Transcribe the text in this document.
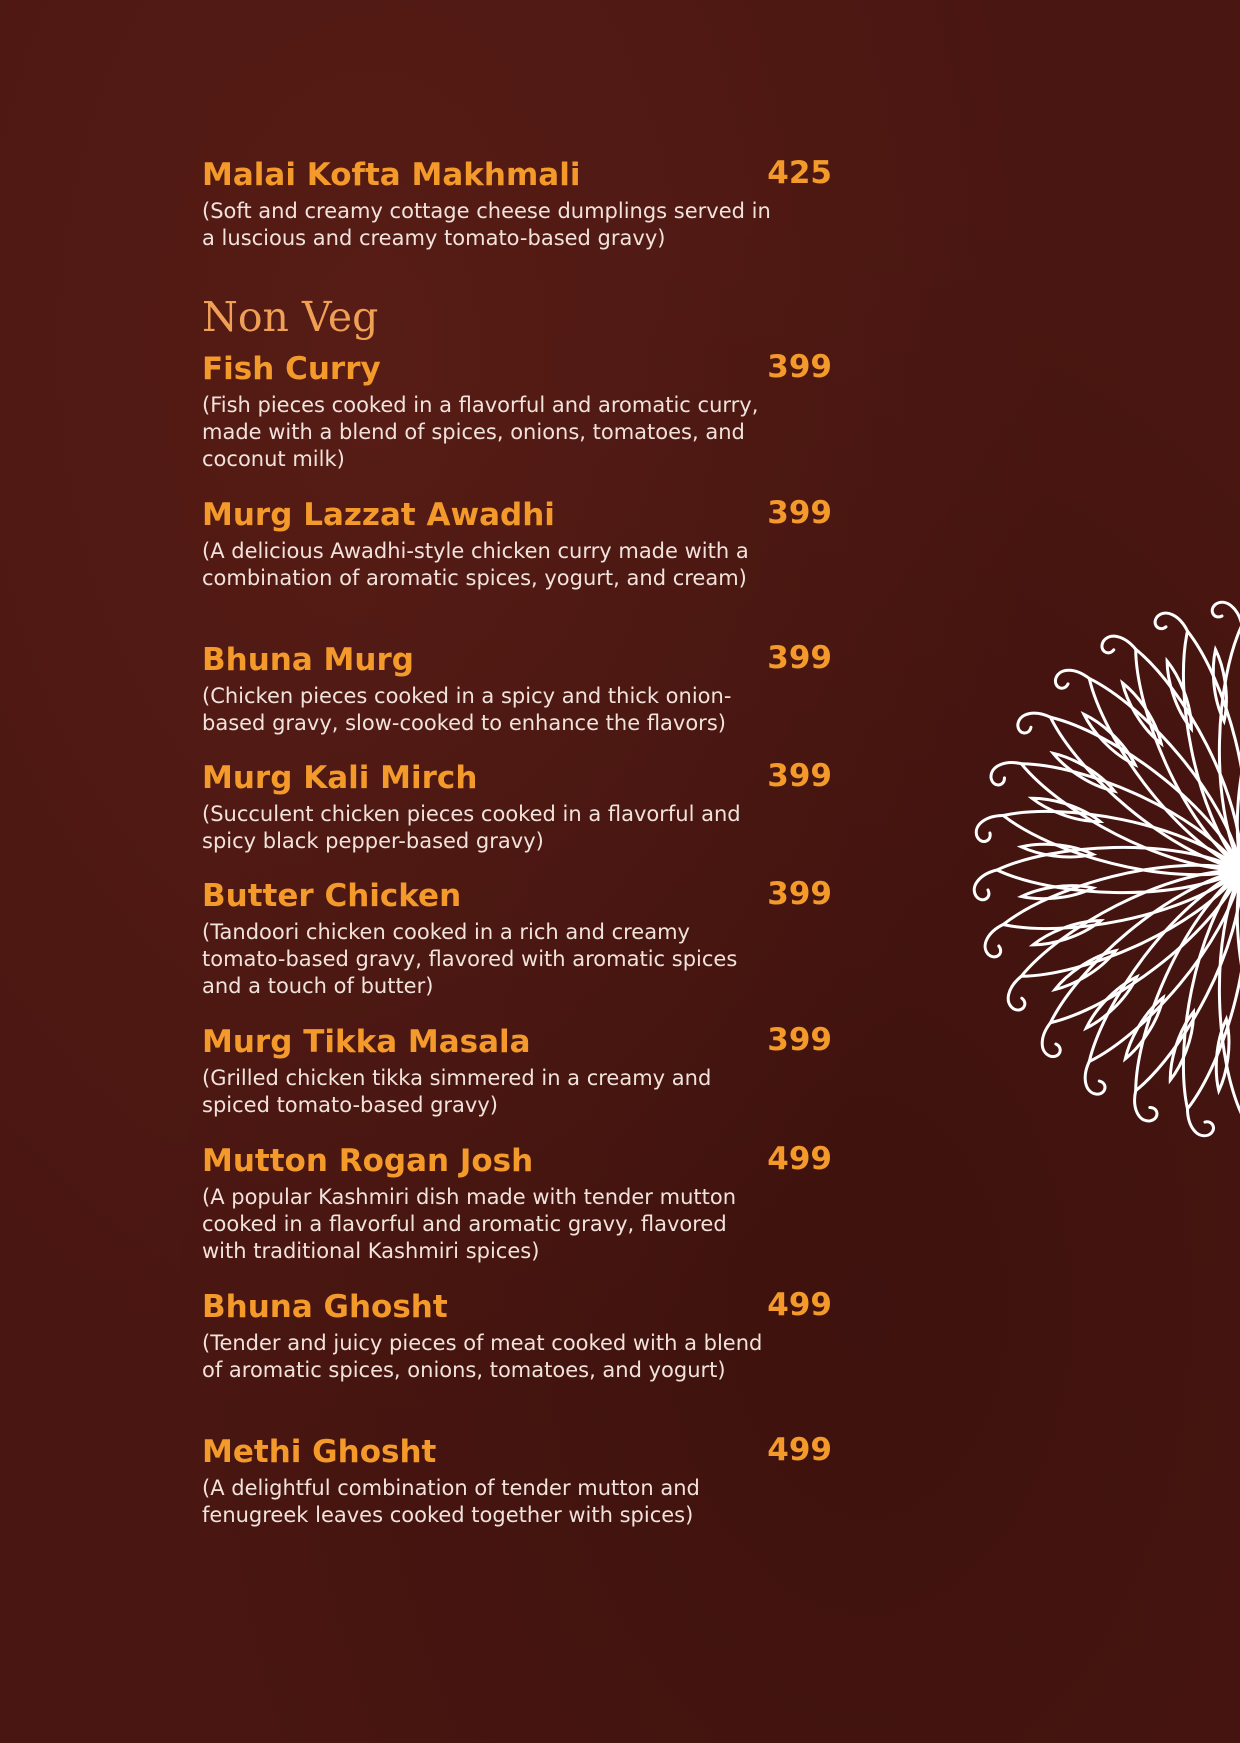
Malai Kofta Makhmali	425
(Soft and creamy cottage cheese dumplings served in a luscious and creamy tomato-based gravy)
Non Veg
Fish Curry	399
(Fish pieces cooked in a flavorful and aromatic curry, made with a blend of spices, onions, tomatoes, and coconut milk)
Murg Lazzat Awadhi	399
(A delicious Awadhi-style chicken curry made with a combination of aromatic spices, yogurt, and cream)
Bhuna Murg	399
(Chicken pieces cooked in a spicy and thick onion-based gravy, slow-cooked to enhance the flavors)
Murg Kali Mirch	399
(Succulent chicken pieces cooked in a flavorful and spicy black pepper-based gravy)
Butter Chicken	399
(Tandoori chicken cooked in a rich and creamy tomato-based gravy, flavored with aromatic spices and a touch of butter)
Murg Tikka Masala	399
(Grilled chicken tikka simmered in a creamy and spiced tomato-based gravy)
Mutton Rogan Josh	499
(A popular Kashmiri dish made with tender mutton cooked in a flavorful and aromatic gravy, flavored with traditional Kashmiri spices)
Bhuna Ghosht	499
(Tender and juicy pieces of meat cooked with a blend of aromatic spices, onions, tomatoes, and yogurt)
Methi Ghosht	499
(A delightful combination of tender mutton and fenugreek leaves cooked together with spices)
